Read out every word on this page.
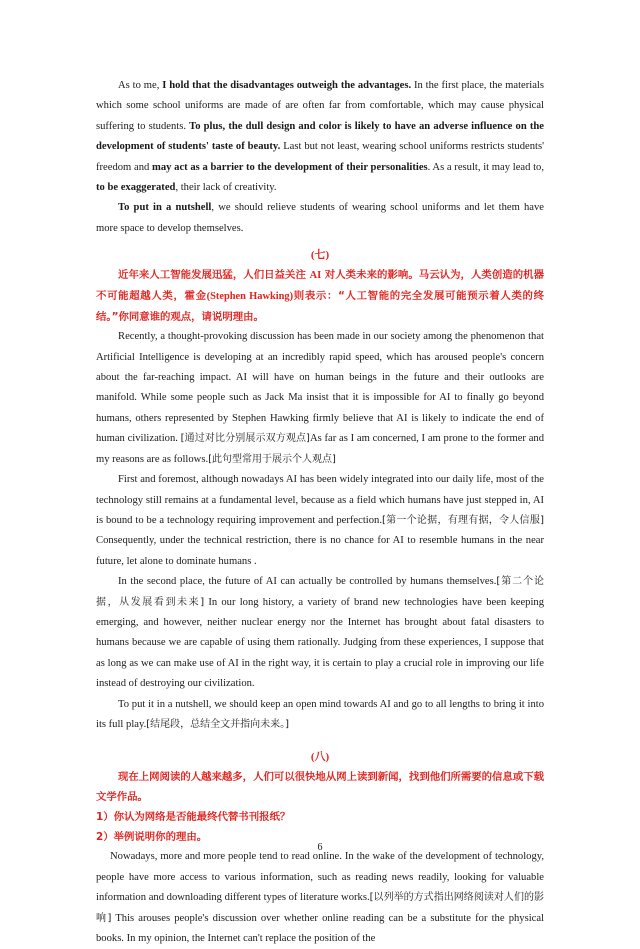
As to me, I hold that the disadvantages outweigh the advantages. In the first place, the materials which some school uniforms are made of are often far from comfortable, which may cause physical suffering to students. To plus, the dull design and color is likely to have an adverse influence on the development of students' taste of beauty. Last but not least, wearing school uniforms restricts students' freedom and may act as a barrier to the development of their personalities. As a result, it may lead to, to be exaggerated, their lack of creativity.

To put in a nutshell, we should relieve students of wearing school uniforms and let them have more space to develop themselves.

(七)

近年来人工智能发展迅猛，人们日益关注 AI 对人类未来的影响。马云认为，人类创造的机器不可能超越人类，霍金(Stephen Hawking)则表示：“人工智能的完全发展可能预示着人类的终结。”你同意谁的观点，请说明理由。

Recently, a thought-provoking discussion has been made in our society among the phenomenon that Artificial Intelligence is developing at an incredibly rapid speed, which has aroused people's concern about the far-reaching impact. AI will have on human beings in the future and their outlooks are manifold. While some people such as Jack Ma insist that it is impossible for AI to finally go beyond humans, others represented by Stephen Hawking firmly believe that AI is likely to indicate the end of human civilization. [通过对比分别展示双方观点]As far as I am concerned, I am prone to the former and my reasons are as follows.[此句型常用于展示个人观点]

First and foremost, although nowadays AI has been widely integrated into our daily life, most of the technology still remains at a fundamental level, because as a field which humans have just stepped in, AI is bound to be a technology requiring improvement and perfection.[第一个论据，有理有据，令人信服] Consequently, under the technical restriction, there is no chance for AI to resemble humans in the near future, let alone to dominate humans .

In the second place, the future of AI can actually be controlled by humans themselves.[第二个论据，从发展看到未来] In our long history, a variety of brand new technologies have been keeping emerging, and however, neither nuclear energy nor the Internet has brought about fatal disasters to humans because we are capable of using them rationally. Judging from these experiences, I suppose that as long as we can make use of AI in the right way, it is certain to play a crucial role in improving our life instead of destroying our civilization.

To put it in a nutshell, we should keep an open mind towards AI and go to all lengths to bring it into its full play.[结尾段，总结全文并指向未来。]

(八)

现在上网阅读的人越来越多，人们可以很快地从网上读到新闻，找到他们所需要的信息或下载文学作品。

1）你认为网络是否能最终代替书刊报纸？

2）举例说明你的理由。

Nowadays, more and more people tend to read online. In the wake of the development of technology, people have more access to various information, such as reading news readily, looking for valuable information and downloading different types of literature works.[以列举的方式指出网络阅读对人们的影响] This arouses people's discussion over whether online reading can be a substitute for the physical books. In my opinion, the Internet can't replace the position of the

6
